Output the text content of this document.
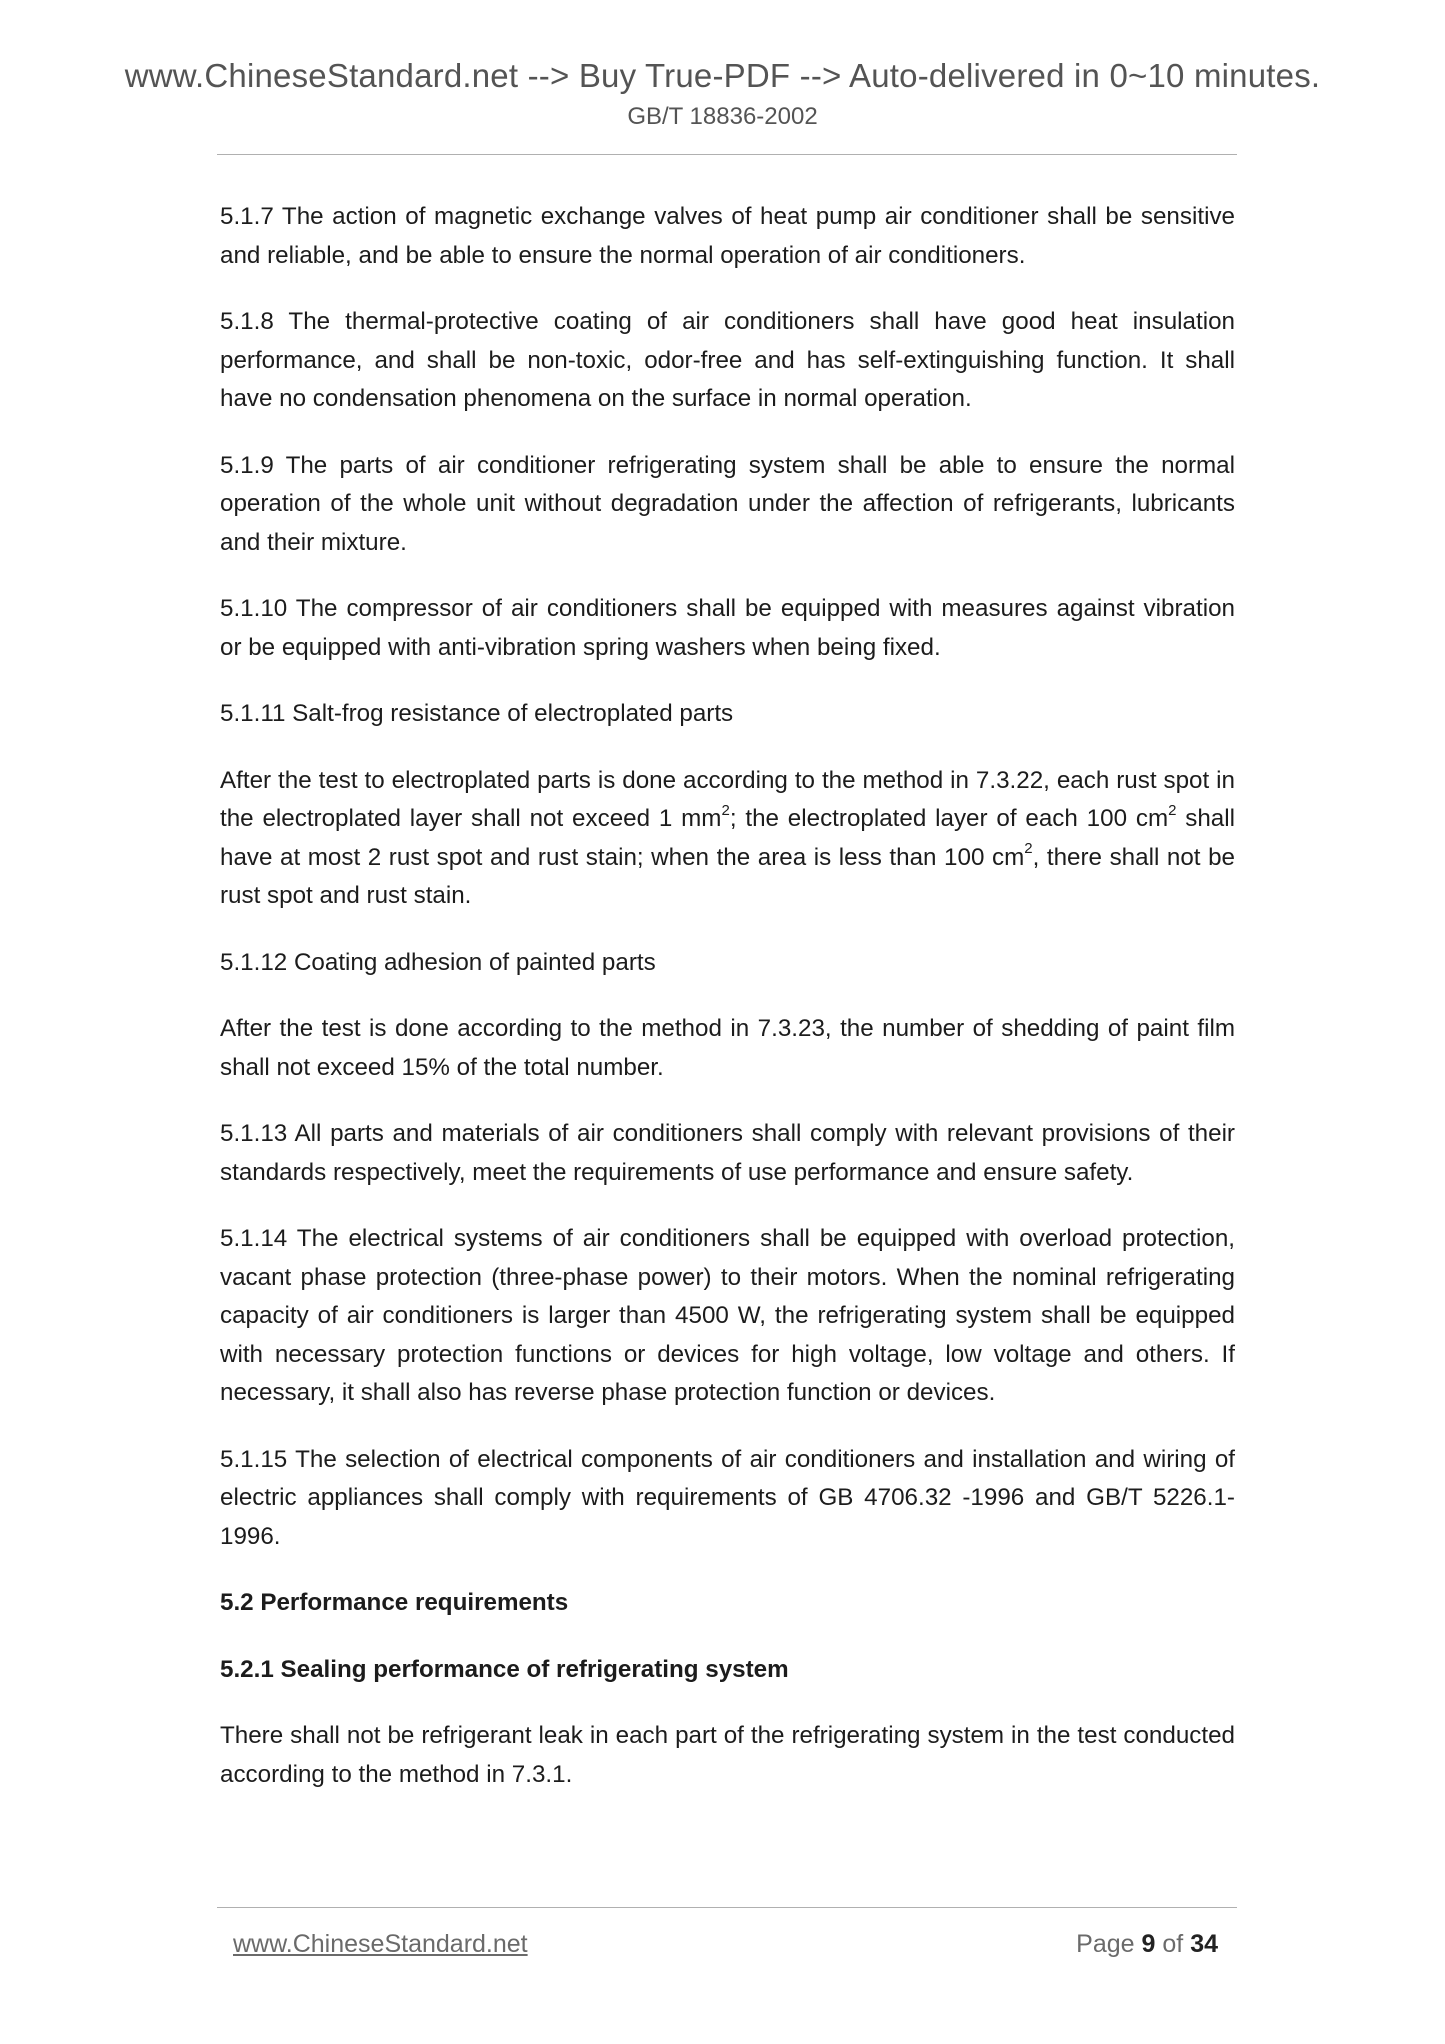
www.ChineseStandard.net --> Buy True-PDF --> Auto-delivered in 0~10 minutes.
GB/T 18836-2002

5.1.7 The action of magnetic exchange valves of heat pump air conditioner shall be sensitive and reliable, and be able to ensure the normal operation of air conditioners.

5.1.8 The thermal-protective coating of air conditioners shall have good heat insulation performance, and shall be non-toxic, odor-free and has self-extinguishing function. It shall have no condensation phenomena on the surface in normal operation.

5.1.9 The parts of air conditioner refrigerating system shall be able to ensure the normal operation of the whole unit without degradation under the affection of refrigerants, lubricants and their mixture.

5.1.10 The compressor of air conditioners shall be equipped with measures against vibration or be equipped with anti-vibration spring washers when being fixed.

5.1.11 Salt-frog resistance of electroplated parts

After the test to electroplated parts is done according to the method in 7.3.22, each rust spot in the electroplated layer shall not exceed 1 $mm^2$; the electroplated layer of each 100 $cm^2$ shall have at most 2 rust spot and rust stain; when the area is less than 100 $cm^2$, there shall not be rust spot and rust stain.

5.1.12 Coating adhesion of painted parts

After the test is done according to the method in 7.3.23, the number of shedding of paint film shall not exceed 15% of the total number.

5.1.13 All parts and materials of air conditioners shall comply with relevant provisions of their standards respectively, meet the requirements of use performance and ensure safety.

5.1.14 The electrical systems of air conditioners shall be equipped with overload protection, vacant phase protection (three-phase power) to their motors. When the nominal refrigerating capacity of air conditioners is larger than 4500 W, the refrigerating system shall be equipped with necessary protection functions or devices for high voltage, low voltage and others. If necessary, it shall also has reverse phase protection function or devices.

5.1.15 The selection of electrical components of air conditioners and installation and wiring of electric appliances shall comply with requirements of GB 4706.32 -1996 and GB/T 5226.1-1996.

5.2 Performance requirements

5.2.1 Sealing performance of refrigerating system

There shall not be refrigerant leak in each part of the refrigerating system in the test conducted according to the method in 7.3.1.

www.ChineseStandard.net	Page 9 of 34
